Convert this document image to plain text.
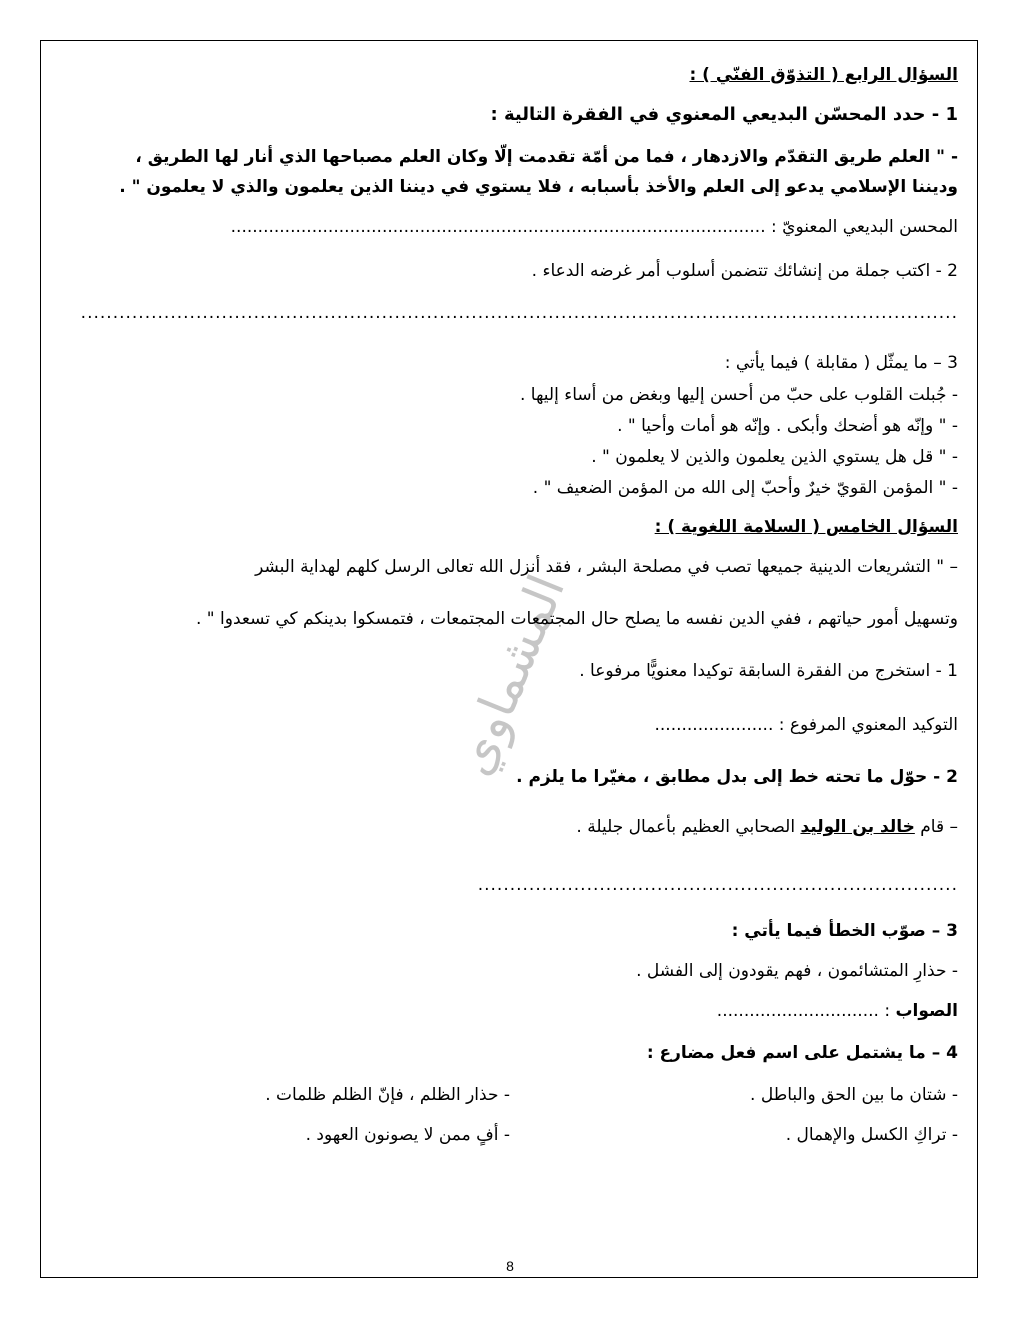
السؤال الرابع ( التذوّق الفنّي ) :
1 - حدد المحسّن البديعي المعنوي في الفقرة التالية :
- " العلم طريق التقدّم والازدهار ، فما من أمّة تقدمت إلّا وكان العلم مصباحها الذي أنار لها الطريق ،
وديننا الإسلامي يدعو إلى العلم والأخذ بأسبابه ، فلا يستوي في ديننا الذين يعلمون والذي لا يعلمون " .
المحسن البديعي المعنويّ : ...................................................................................................
2 - اكتب جملة من إنشائك تتضمن أسلوب أمر غرضه الدعاء .
.........................................................................................................................................
3 – ما يمثّل ( مقابلة ) فيما يأتي :
- جُبلت القلوب على حبّ من أحسن إليها وبغض من أساء إليها .
- " وإنّه هو أضحك وأبكى . وإنّه هو أمات وأحيا " .
- " قل هل يستوي الذين يعلمون والذين لا يعلمون " .
- " المؤمن القويّ خيرٌ وأحبّ إلى الله من المؤمن الضعيف " .
السؤال الخامس ( السلامة اللغوية ) :
– " التشريعات الدينية جميعها تصب في مصلحة البشر ، فقد أنزل الله تعالى الرسل كلهم لهداية البشر
وتسهيل أمور حياتهم ، ففي الدين نفسه ما يصلح حال المجتمعات المجتمعات ، فتمسكوا بدينكم كي تسعدوا " .
1 - استخرج من الفقرة السابقة توكيدا معنويًّا مرفوعا .
التوكيد المعنوي المرفوع : ......................
2 - حوّل ما تحته خط إلى بدل مطابق ، مغيّرا ما يلزم .
– قام خالد بن الوليد الصحابي العظيم بأعمال جليلة .
...........................................................................
3 – صوّب الخطأ فيما يأتي :
- حذارِ المتشائمون ، فهم يقودون إلى الفشل .
الصواب : ..............................
4 – ما يشتمل على اسم فعل مضارع :
- شتان ما بين الحق والباطل .
- حذار الظلم ، فإنّ الظلم ظلمات .
- تراكِ الكسل والإهمال .
- أفٍ ممن لا يصونون العهود .
المشماوي
8
